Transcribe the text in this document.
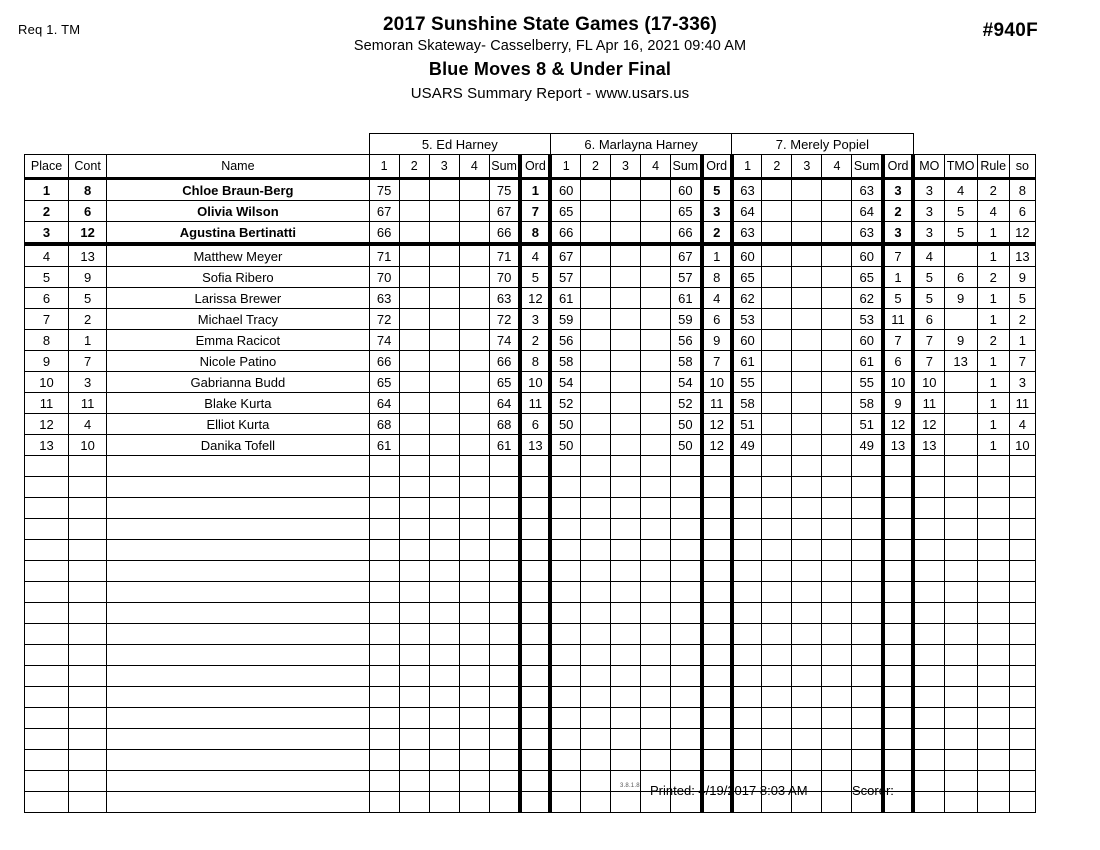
Req 1. TM	#940F
2017 Sunshine State Games (17-336)
Semoran Skateway- Casselberry, FL Apr 16, 2021 09:40 AM
Blue Moves 8 & Under Final
USARS Summary Report - www.usars.us
			5. Ed Harney						6. Marlayna Harney						7. Merely Popiel									
Place	Cont	Name	1	2	3	4	Sum	Ord	1	2	3	4	Sum	Ord	1	2	3	4	Sum	Ord	MO	TMO	Rule	so
1	8	Chloe Braun-Berg	75				75	1	60				60	5	63				63	3	3	4	2	8
2	6	Olivia Wilson	67				67	7	65				65	3	64				64	2	3	5	4	6
3	12	Agustina Bertinatti	66				66	8	66				66	2	63				63	3	3	5	1	12
4	13	Matthew Meyer	71				71	4	67				67	1	60				60	7	4		1	13
5	9	Sofia Ribero	70				70	5	57				57	8	65				65	1	5	6	2	9
6	5	Larissa Brewer	63				63	12	61				61	4	62				62	5	5	9	1	5
7	2	Michael Tracy	72				72	3	59				59	6	53				53	11	6		1	2
8	1	Emma Racicot	74				74	2	56				56	9	60				60	7	7	9	2	1
9	7	Nicole Patino	66				66	8	58				58	7	61				61	6	7	13	1	7
10	3	Gabrianna Budd	65				65	10	54				54	10	55				55	10	10		1	3
11	11	Blake Kurta	64				64	11	52				52	11	58				58	9	11		1	11
12	4	Elliot Kurta	68				68	6	50				50	12	51				51	12	12		1	4
13	10	Danika Tofell	61				61	13	50				50	12	49				49	13	13		1	10

3.8.1.8 Printed: 4/19/2017 8:03 AM	Scorer:
